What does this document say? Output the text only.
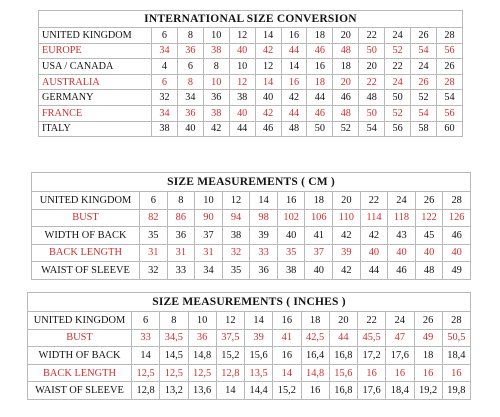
INTERNATIONAL SIZE CONVERSION												
UNITED KINGDOM	6	8	10	12	14	16	18	20	22	24	26	28
EUROPE	34	36	38	40	42	44	46	48	50	52	54	56
USA / CANADA	4	6	8	10	12	14	16	18	20	22	24	26
AUSTRALIA	6	8	10	12	14	16	18	20	22	24	26	28
GERMANY	32	34	36	38	40	42	44	46	48	50	52	54
FRANCE	34	36	38	40	42	44	46	48	50	52	54	56
ITALY	38	40	42	44	46	48	50	52	54	56	58	60
SIZE MEASUREMENTS ( CM )												
UNITED KINGDOM	6	8	10	12	14	16	18	20	22	24	26	28
BUST	82	86	90	94	98	102	106	110	114	118	122	126
WIDTH OF BACK	35	36	37	38	39	40	41	42	42	43	45	46
BACK LENGTH	31	31	31	32	33	35	37	39	40	40	40	40
WAIST OF SLEEVE	32	33	34	35	36	38	40	42	44	46	48	49
SIZE MEASUREMENTS ( INCHES )												
UNITED KINGDOM	6	8	10	12	14	16	18	20	22	24	26	28
BUST	33	34,5	36	37,5	39	41	42,5	44	45,5	47	49	50,5
WIDTH OF BACK	14	14,5	14,8	15,2	15,6	16	16,4	16,8	17,2	17,6	18	18,4
BACK LENGTH	12,5	12,5	12,5	12,8	13,5	14	14,8	15,6	16	16	16	16
WAIST OF SLEEVE	12,8	13,2	13,6	14	14,4	15,2	16	16,8	17,6	18,4	19,2	19,8
